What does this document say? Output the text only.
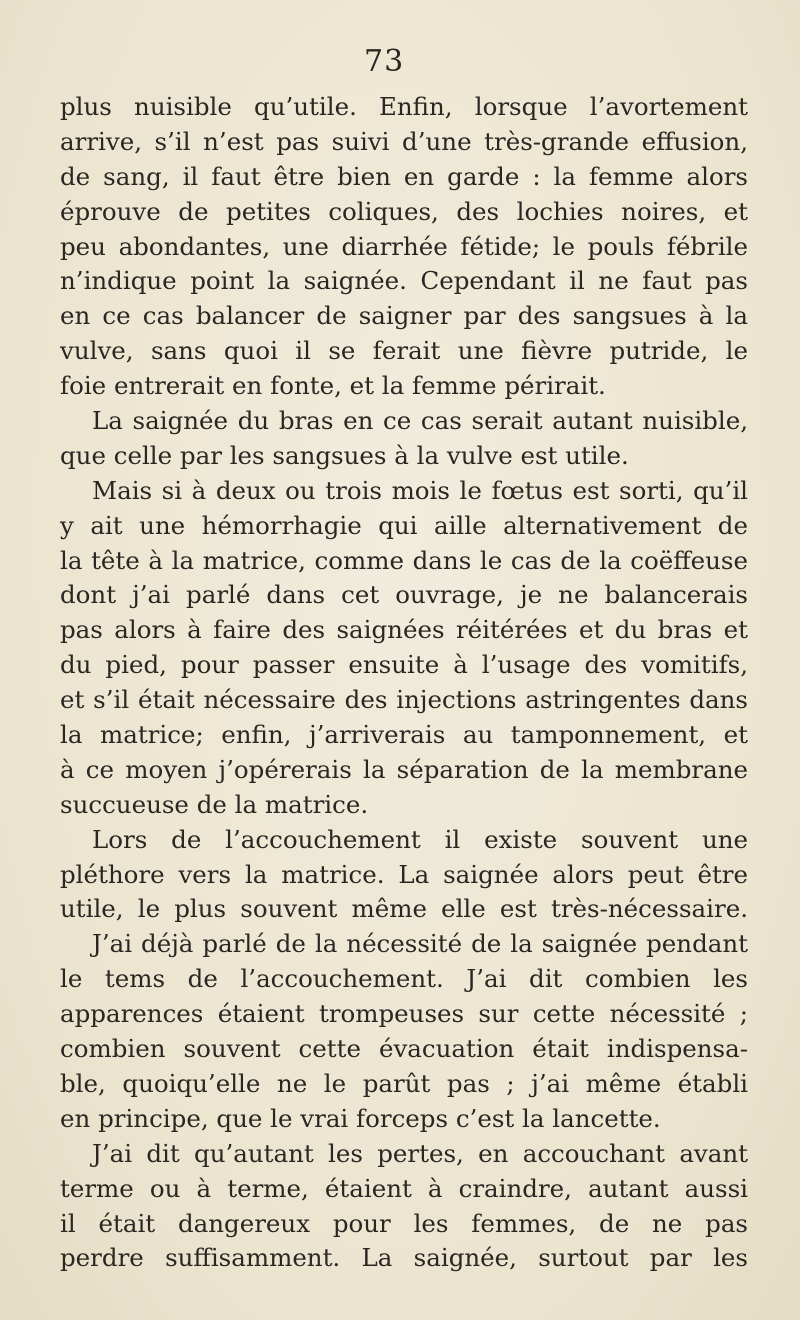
73
plus nuisible qu’utile. Enfin, lorsque l’avortement
arrive, s’il n’est pas suivi d’une très-grande effusion,
de sang, il faut être bien en garde : la femme alors
éprouve de petites coliques, des lochies noires, et
peu abondantes, une diarrhée fétide; le pouls fébrile
n’indique point la saignée. Cependant il ne faut pas
en ce cas balancer de saigner par des sangsues à la
vulve, sans quoi il se ferait une fièvre putride, le
foie entrerait en fonte, et la femme périrait.
La saignée du bras en ce cas serait autant nuisible,
que celle par les sangsues à la vulve est utile.
Mais si à deux ou trois mois le fœtus est sorti, qu’il
y ait une hémorrhagie qui aille alternativement de
la tête à la matrice, comme dans le cas de la coëffeuse
dont j’ai parlé dans cet ouvrage, je ne balancerais
pas alors à faire des saignées réitérées et du bras et
du pied, pour passer ensuite à l’usage des vomitifs,
et s’il était nécessaire des injections astringentes dans
la matrice; enfin, j’arriverais au tamponnement, et
à ce moyen j’opérerais la séparation de la membrane
succueuse de la matrice.
Lors de l’accouchement il existe souvent une
pléthore vers la matrice. La saignée alors peut être
utile, le plus souvent même elle est très-nécessaire.
J’ai déjà parlé de la nécessité de la saignée pendant
le tems de l’accouchement. J’ai dit combien les
apparences étaient trompeuses sur cette nécessité ;
combien souvent cette évacuation était indispensa-
ble, quoiqu’elle ne le parût pas ; j’ai même établi
en principe, que le vrai forceps c’est la lancette.
J’ai dit qu’autant les pertes, en accouchant avant
terme ou à terme, étaient à craindre, autant aussi
il était dangereux pour les femmes, de ne pas
perdre suffisamment. La saignée, surtout par les
